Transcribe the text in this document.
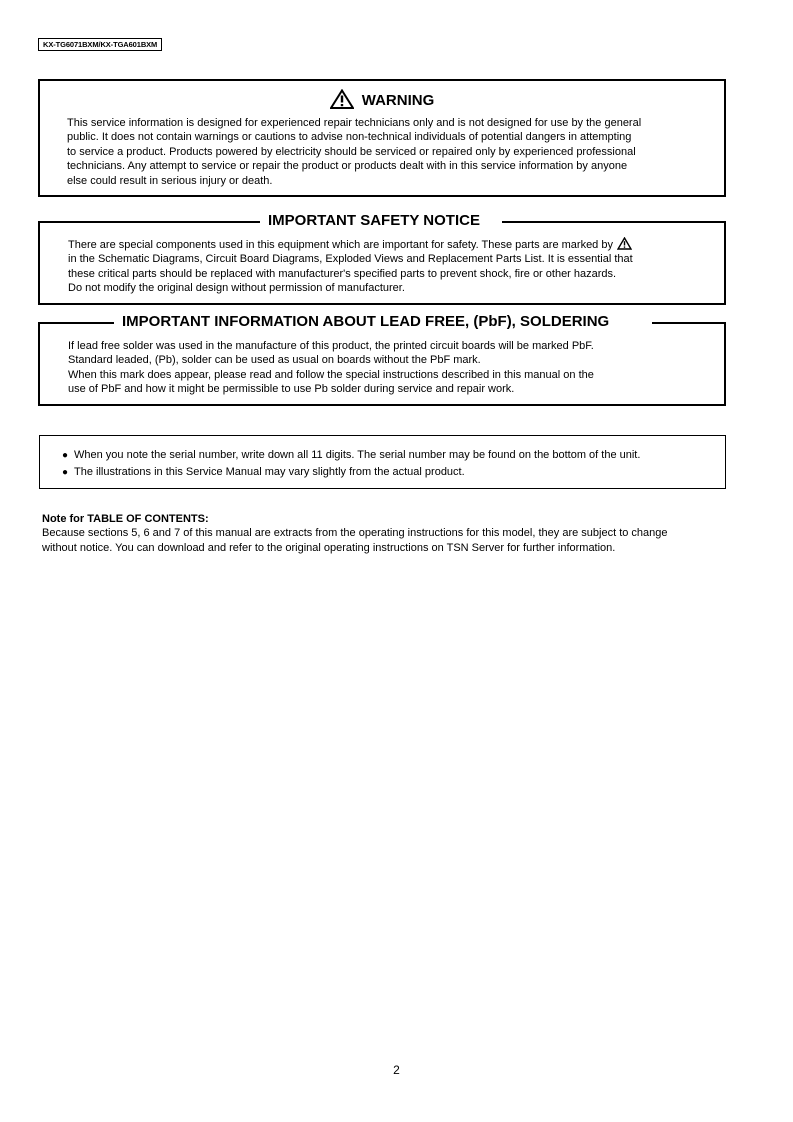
KX-TG6071BXM/KX-TGA601BXM
WARNING
This service information is designed for experienced repair technicians only and is not designed for use by the general
public. It does not contain warnings or cautions to advise non-technical individuals of potential dangers in attempting
to service a product. Products powered by electricity should be serviced or repaired only by experienced professional
technicians. Any attempt to service or repair the product or products dealt with in this service information by anyone
else could result in serious injury or death.
IMPORTANT SAFETY NOTICE
There are special components used in this equipment which are important for safety. These parts are marked by
in the Schematic Diagrams, Circuit Board Diagrams, Exploded Views and Replacement Parts List. It is essential that
these critical parts should be replaced with manufacturer's specified parts to prevent shock, fire or other hazards.
Do not modify the original design without permission of manufacturer.
IMPORTANT INFORMATION ABOUT LEAD FREE, (PbF), SOLDERING
If lead free solder was used in the manufacture of this product, the printed circuit boards will be marked PbF.
Standard leaded, (Pb), solder can be used as usual on boards without the PbF mark.
When this mark does appear, please read and follow the special instructions described in this manual on the
use of PbF and how it might be permissible to use Pb solder during service and repair work.
● When you note the serial number, write down all 11 digits. The serial number may be found on the bottom of the unit.
● The illustrations in this Service Manual may vary slightly from the actual product.
Note for TABLE OF CONTENTS:
Because sections 5, 6 and 7 of this manual are extracts from the operating instructions for this model, they are subject to change
without notice. You can download and refer to the original operating instructions on TSN Server for further information.
2
